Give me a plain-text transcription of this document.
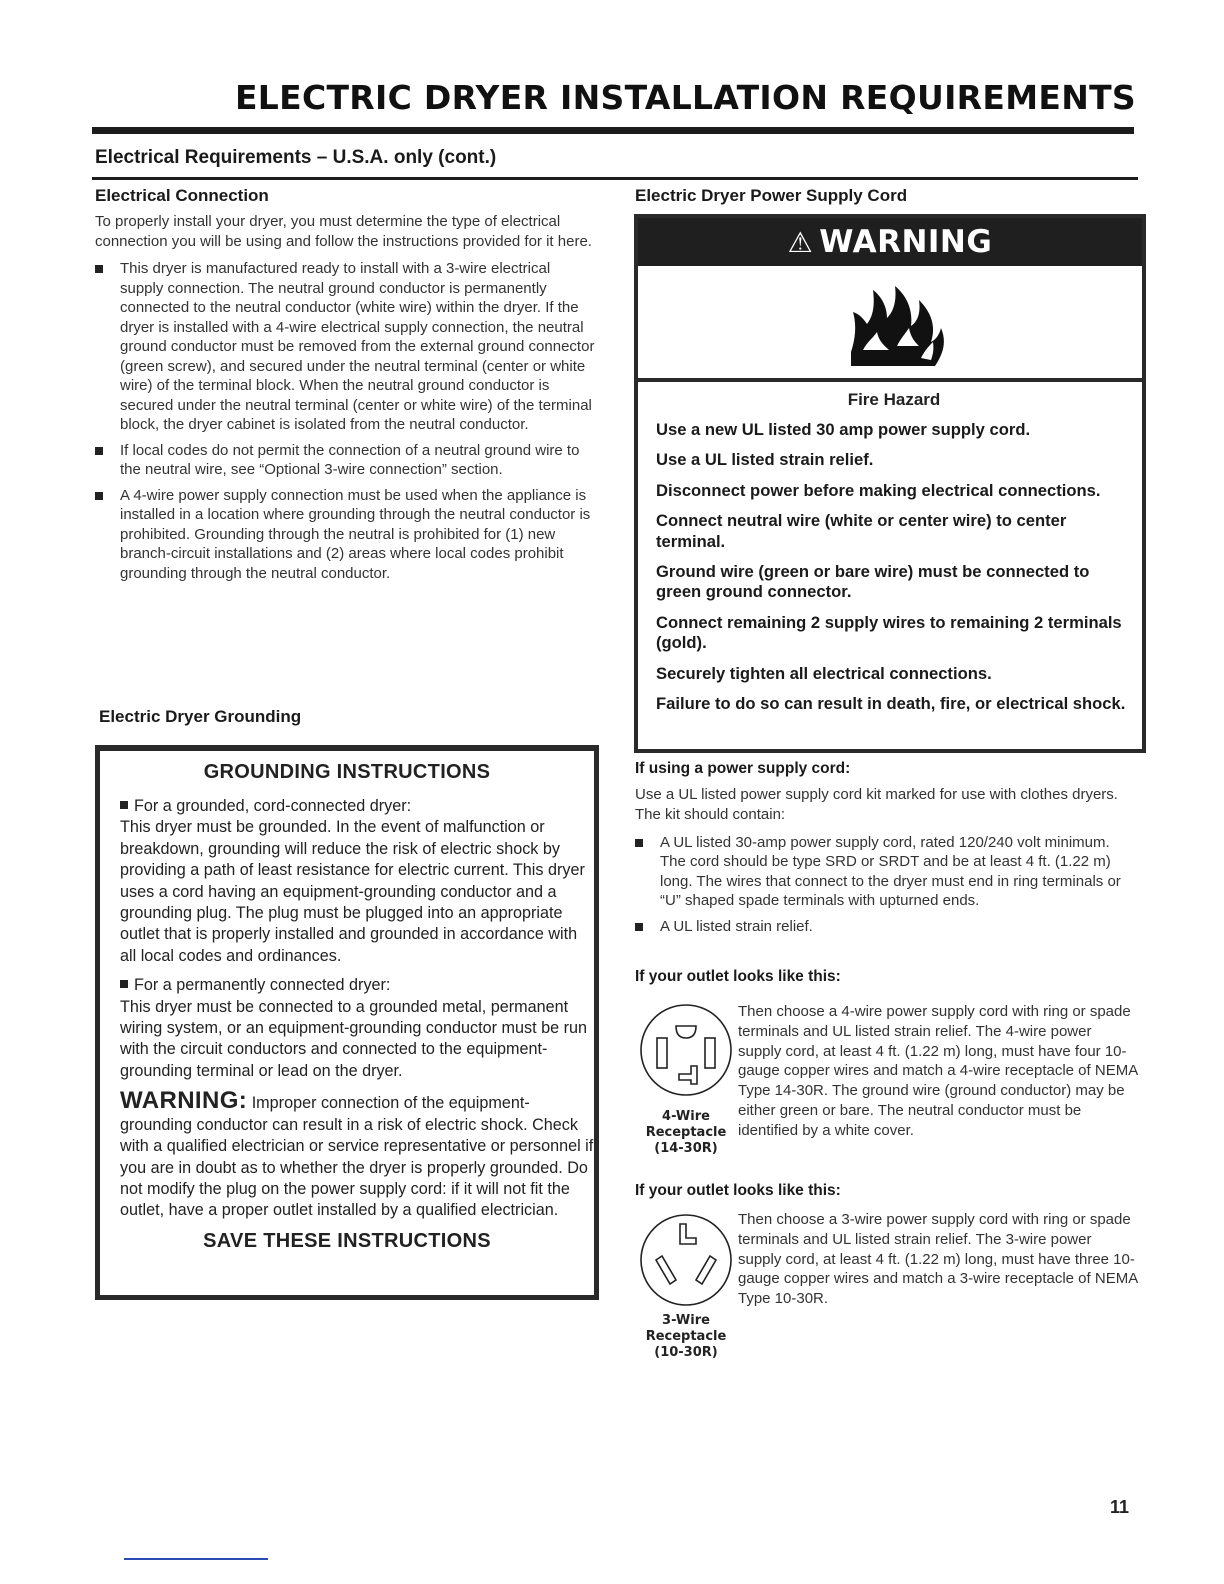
ELECTRIC DRYER INSTALLATION REQUIREMENTS
Electrical Requirements – U.S.A. only (cont.)
Electrical Connection

To properly install your dryer, you must determine the type of electrical connection you will be using and follow the instructions provided for it here.

This dryer is manufactured ready to install with a 3-wire electrical supply connection. The neutral ground conductor is permanently connected to the neutral conductor (white wire) within the dryer. If the dryer is installed with a 4-wire electrical supply connection, the neutral ground conductor must be removed from the external ground connector (green screw), and secured under the neutral terminal (center or white wire) of the terminal block. When the neutral ground conductor is secured under the neutral terminal (center or white wire) of the terminal block, the dryer cabinet is isolated from the neutral conductor.
If local codes do not permit the connection of a neutral ground wire to the neutral wire, see “Optional 3-wire connection” section.
A 4-wire power supply connection must be used when the appliance is installed in a location where grounding through the neutral conductor is prohibited. Grounding through the neutral is prohibited for (1) new branch-circuit installations and (2) areas where local codes prohibit grounding through the neutral conductor.
Electric Dryer Grounding
GROUNDING INSTRUCTIONS

For a grounded, cord-connected dryer:
This dryer must be grounded. In the event of malfunction or breakdown, grounding will reduce the risk of electric shock by providing a path of least resistance for electric current. This dryer uses a cord having an equipment-grounding conductor and a grounding plug. The plug must be plugged into an appropriate outlet that is properly installed and grounded in accordance with all local codes and ordinances.

For a permanently connected dryer:
This dryer must be connected to a grounded metal, permanent wiring system, or an equipment-grounding conductor must be run with the circuit conductors and connected to the equipment-grounding terminal or lead on the dryer.

WARNING: Improper connection of the equipment-grounding conductor can result in a risk of electric shock. Check with a qualified electrician or service representative or personnel if you are in doubt as to whether the dryer is properly grounded. Do not modify the plug on the power supply cord: if it will not fit the outlet, have a proper outlet installed by a qualified electrician.

SAVE THESE INSTRUCTIONS
Electric Dryer Power Supply Cord
⚠ WARNING
Fire Hazard

Use a new UL listed 30 amp power supply cord.

Use a UL listed strain relief.

Disconnect power before making electrical connections.

Connect neutral wire (white or center wire) to center terminal.

Ground wire (green or bare wire) must be connected to green ground connector.

Connect remaining 2 supply wires to remaining 2 terminals (gold).

Securely tighten all electrical connections.

Failure to do so can result in death, fire, or electrical shock.

If using a power supply cord:

Use a UL listed power supply cord kit marked for use with clothes dryers. The kit should contain:

A UL listed 30-amp power supply cord, rated 120/240 volt minimum. The cord should be type SRD or SRDT and be at least 4 ft. (1.22 m) long. The wires that connect to the dryer must end in ring terminals or “U” shaped spade terminals with upturned ends.
A UL listed strain relief.
If your outlet looks like this:
4-Wire
Receptacle
(14-30R)
Then choose a 4-wire power supply cord with ring or spade terminals and UL listed strain relief. The 4-wire power supply cord, at least 4 ft. (1.22 m) long, must have four 10-gauge copper wires and match a 4-wire receptacle of NEMA Type 14-30R. The ground wire (ground conductor) may be either green or bare. The neutral conductor must be identified by a white cover.
If your outlet looks like this:
3-Wire
Receptacle
(10-30R)
Then choose a 3-wire power supply cord with ring or spade terminals and UL listed strain relief. The 3-wire power supply cord, at least 4 ft. (1.22 m) long, must have three 10-gauge copper wires and match a 3-wire receptacle of NEMA Type 10-30R.
11
